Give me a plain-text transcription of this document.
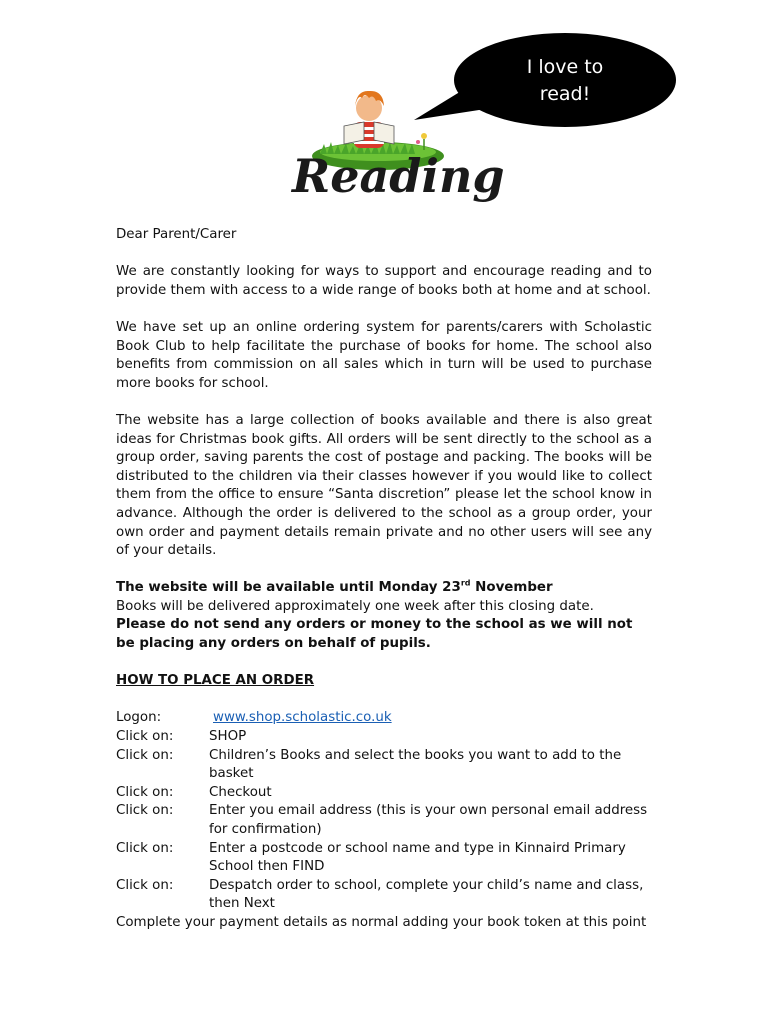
I love to
read!
Reading

Dear Parent/Carer

We are constantly looking for ways to support and encourage reading and to provide them with access to a wide range of books both at home and at school.

We have set up an online ordering system for parents/carers with Scholastic Book Club to help facilitate the purchase of books for home. The school also benefits from commission on all sales which in turn will be used to purchase more books for school.

The website has a large collection of books available and there is also great ideas for Christmas book gifts. All orders will be sent directly to the school as a group order, saving parents the cost of postage and packing. The books will be distributed to the children via their classes however if you would like to collect them from the office to ensure “Santa discretion” please let the school know in advance. Although the order is delivered to the school as a group order, your own order and payment details remain private and no other users will see any of your details.

The website will be available until Monday 23rd November

Books will be delivered approximately one week after this closing date.

Please do not send any orders or money to the school as we will not be placing any orders on behalf of pupils.

HOW TO PLACE AN ORDER

Logon:	www.shop.scholastic.co.uk
Click on:	SHOP
Click on:	Children’s Books and select the books you want to add to the basket
Click on:	Checkout
Click on:	Enter you email address (this is your own personal email address for confirmation)
Click on:	Enter a postcode or school name and type in Kinnaird Primary School then FIND
Click on:	Despatch order to school, complete your child’s name and class, then Next

Complete your payment details as normal adding your book token at this point
